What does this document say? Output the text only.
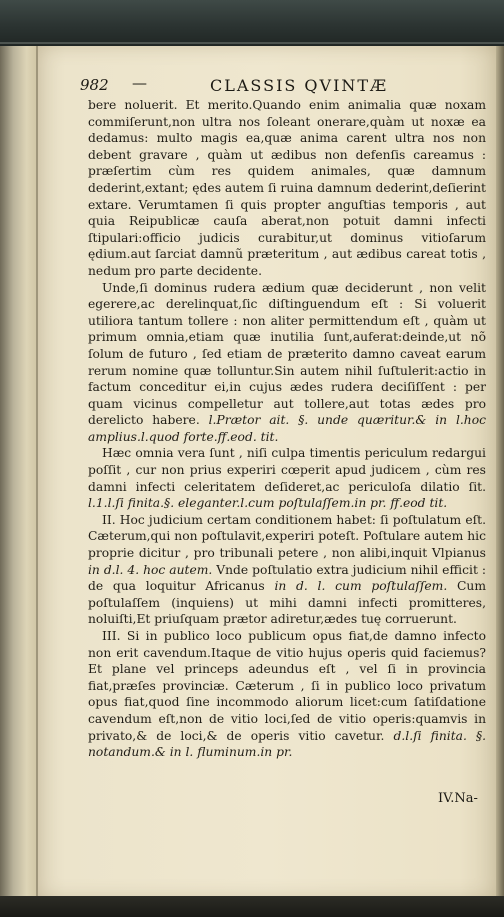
982 —	CLASSIS QVINTÆ

bere noluerit. Et merito.Quando enim animalia quæ noxam commiſerunt,non ultra nos ſoleant onerare,quàm ut noxæ ea dedamus: multo magis ea,quæ anima carent ultra nos non debent gravare , quàm ut ædibus non defenſis careamus : præſertim cùm res quidem animales, quæ damnum dederint,extant; ędes autem ſi ruina damnum dederint,deſierint extare. Verumtamen ſi quis propter anguſtias temporis , aut quia Reipublicæ cauſa aberat,non potuit damni infecti ſtipulari:officio judicis curabitur,ut dominus vitioſarum ędium.aut ſarciat damnũ præteritum , aut ædibus careat totis , nedum pro parte decidente.

Unde,ſi dominus rudera ædium quæ deciderunt , non velit egerere,ac derelinquat,ſic diſtinguendum eſt : Si voluerit utiliora tantum tollere : non aliter permittendum eſt , quàm ut primum omnia,etiam quæ inutilia ſunt,auferat:deinde,ut nõ ſolum de futuro , ſed etiam de præterito damno caveat earum rerum nomine quæ tolluntur.Sin autem nihil ſuſtulerit:actio in factum conceditur ei,in cujus ædes rudera deciſiſſent : per quam vicinus compelletur aut tollere,aut totas ædes pro derelicto habere. l.Prætor ait. §. unde quæritur.& in l.hoc amplius.l.quod forte.ff.eod. tit.

Hæc omnia vera ſunt , niſi culpa timentis periculum redargui poſſit , cur non prius experiri cœperit apud judicem , cùm res damni infecti celeritatem deſideret,ac periculoſa dilatio ſit. l.1.l.ſi finita.§. eleganter.l.cum poſtulaſſem.in pr. ff.eod tit.

II. Hoc judicium certam conditionem habet: ſi poſtulatum eſt. Cæterum,qui non poſtulavit,experiri poteſt. Poſtulare autem hic proprie dicitur , pro tribunali petere , non alibi,inquit Vlpianus in d.l. 4. hoc autem. Vnde poſtulatio extra judicium nihil efficit : de qua loquitur Africanus in d. l. cum poſtulaſſem. Cum poſtulaſſem (inquiens) ut mihi damni infecti promitteres, noluiſti,Et priuſquam prætor adiretur,ædes tuę corruerunt.

III. Si in publico loco publicum opus fiat,de damno infecto non erit cavendum.Itaque de vitio hujus operis quid faciemus?Et plane vel princeps adeundus eſt , vel ſi in provincia fiat,præſes provinciæ. Cæterum , ſi in publico loco privatum opus fiat,quod ſine incommodo aliorum licet:cum ſatiſdatione cavendum eſt,non de vitio loci,ſed de vitio operis:quamvis in privato,& de loci,& de operis vitio cavetur. d.l.ſi finita. §. notandum.& in l. fluminum.in pr.

IV.Na-
